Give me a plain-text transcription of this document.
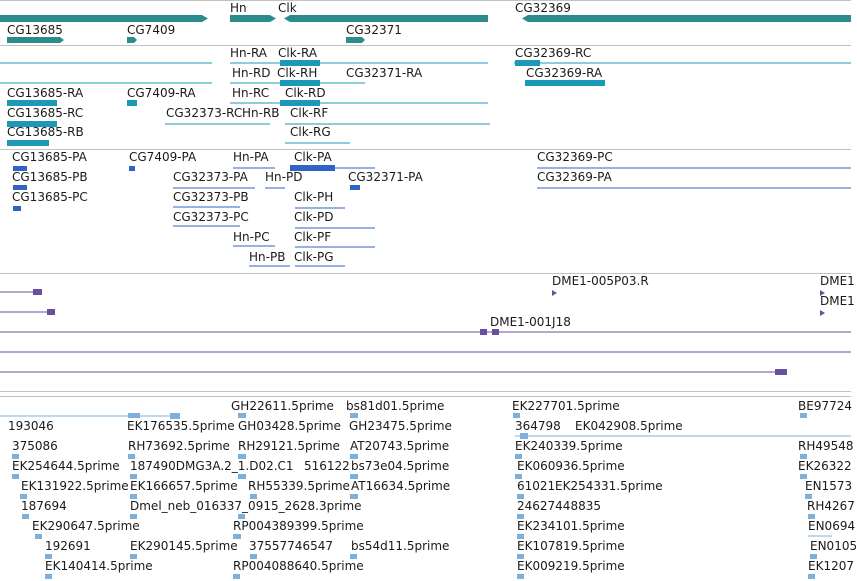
Hn	Clk	CG32369
CG13685	CG7409	CG32371
Hn-RA Clk-RA	CG32369-RC
Hn-RD Clk-RH CG32371-RA	CG32369-RA
CG13685-RA	CG7409-RA	Hn-RC Clk-RD
CG13685-RC	CG32373-RC Hn-RB Clk-RF
CG13685-RB	Clk-RG
CG13685-PA	CG7409-PA	Hn-PA Clk-PA	CG32369-PC
CG13685-PB	CG32373-PA Hn-PD	CG32371-PA	CG32369-PA
CG13685-PC	CG32373-PB	Clk-PH
CG32373-PC	Clk-PD
Hn-PC Clk-PF
Hn-PB Clk-PG
DME1-005P03.R	DME1
DME1
DME1-001J18
GH22611.5prime bs81d01.5prime	EK227701.5prime	BE97724
193046	EK176535.5prime GH03428.5prime GH23475.5prime	364798 EK042908.5prime
375086	RH73692.5prime RH29121.5prime AT20743.5prime	EK240339.5prime	RH49548
EK254644.5prime 187490DMG3A.2_1.D02.C1 516122 bs73e04.5prime	EK060936.5prime	EK26322
EK131922.5prime EK166657.5prime RH55339.5prime AT16634.5prime	61021 EK254331.5prime	EN1573
187694	Dmel_neb_016337_0915_2628.3prime	24627448835	RH4267
EK290647.5prime	RP004389399.5prime	EK234101.5prime	EN0694
192691	EK290145.5prime 37557746547 bs54d11.5prime	EK107819.5prime	EN0105
EK140414.5prime	RP004088640.5prime	EK009219.5prime	EK1207
